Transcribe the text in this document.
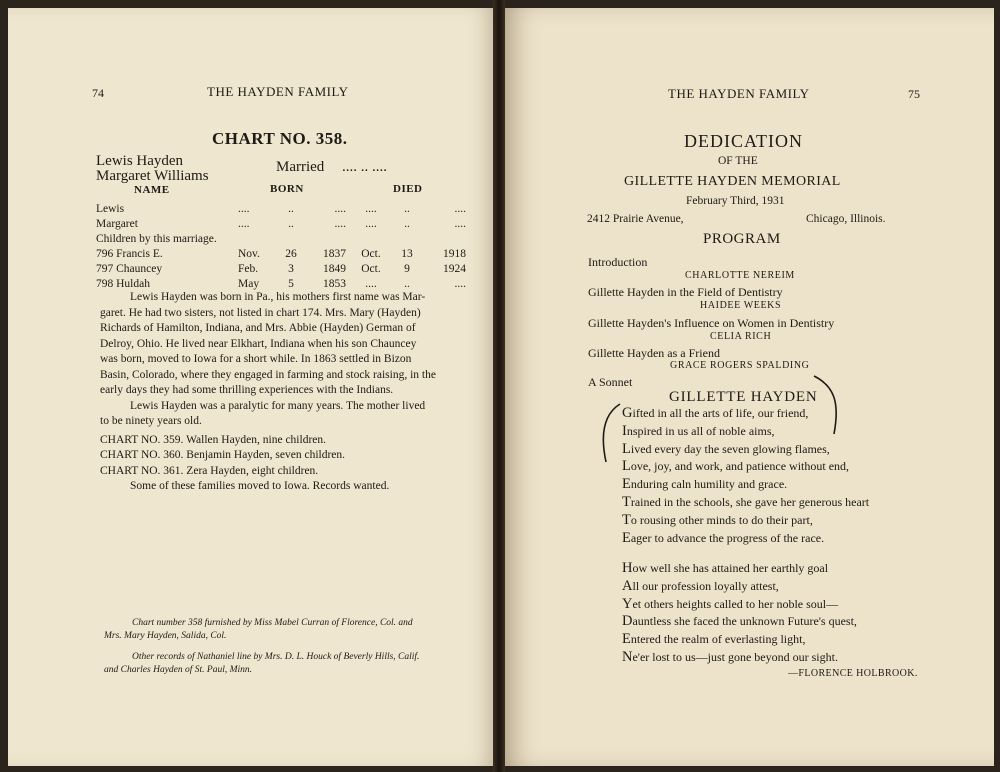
74	THE HAYDEN FAMILY
CHART NO. 358.
Lewis Hayden
Margaret Williams
Married .... .. ....
NAME	BORN	DIED
Lewis	....	..	....	....	..	....
Margaret	....	..	....	....	..	....
Children by this marriage.						
796 Francis E.	Nov.	26	1837	Oct.	13	1918
797 Chauncey	Feb.	3	1849	Oct.	9	1924
798 Huldah	May	5	1853	....	..	....
Lewis Hayden was born in Pa., his mothers first name was Mar-
garet. He had two sisters, not listed in chart 174. Mrs. Mary (Hayden)
Richards of Hamilton, Indiana, and Mrs. Abbie (Hayden) German of
Delroy, Ohio. He lived near Elkhart, Indiana when his son Chauncey
was born, moved to Iowa for a short while. In 1863 settled in Bizon
Basin, Colorado, where they engaged in farming and stock raising, in the
early days they had some thrilling experiences with the Indians.
Lewis Hayden was a paralytic for many years. The mother lived
to be ninety years old.
CHART NO. 359. Wallen Hayden, nine children.
CHART NO. 360. Benjamin Hayden, seven children.
CHART NO. 361. Zera Hayden, eight children.
Some of these families moved to Iowa. Records wanted.
Chart number 358 furnished by Miss Mabel Curran of Florence, Col. and
Mrs. Mary Hayden, Salida, Col.
Other records of Nathaniel line by Mrs. D. L. Houck of Beverly Hills, Calif.
and Charles Hayden of St. Paul, Minn.
THE HAYDEN FAMILY	75
DEDICATION
OF THE
GILLETTE HAYDEN MEMORIAL
February Third, 1931
2412 Prairie Avenue,	Chicago, Illinois.
PROGRAM
Introduction
CHARLOTTE NEREIM
Gillette Hayden in the Field of Dentistry
HAIDEE WEEKS
Gillette Hayden's Influence on Women in Dentistry
CELIA RICH
Gillette Hayden as a Friend
GRACE ROGERS SPALDING
A Sonnet
GILLETTE HAYDEN
Gifted in all the arts of life, our friend,
Inspired in us all of noble aims,
Lived every day the seven glowing flames,
Love, joy, and work, and patience without end,
Enduring caln humility and grace.
Trained in the schools, she gave her generous heart
To rousing other minds to do their part,
Eager to advance the progress of the race.
How well she has attained her earthly goal
All our profession loyally attest,
Yet others heights called to her noble soul—
Dauntless she faced the unknown Future's quest,
Entered the realm of everlasting light,
Ne'er lost to us—just gone beyond our sight.
—FLORENCE HOLBROOK.
